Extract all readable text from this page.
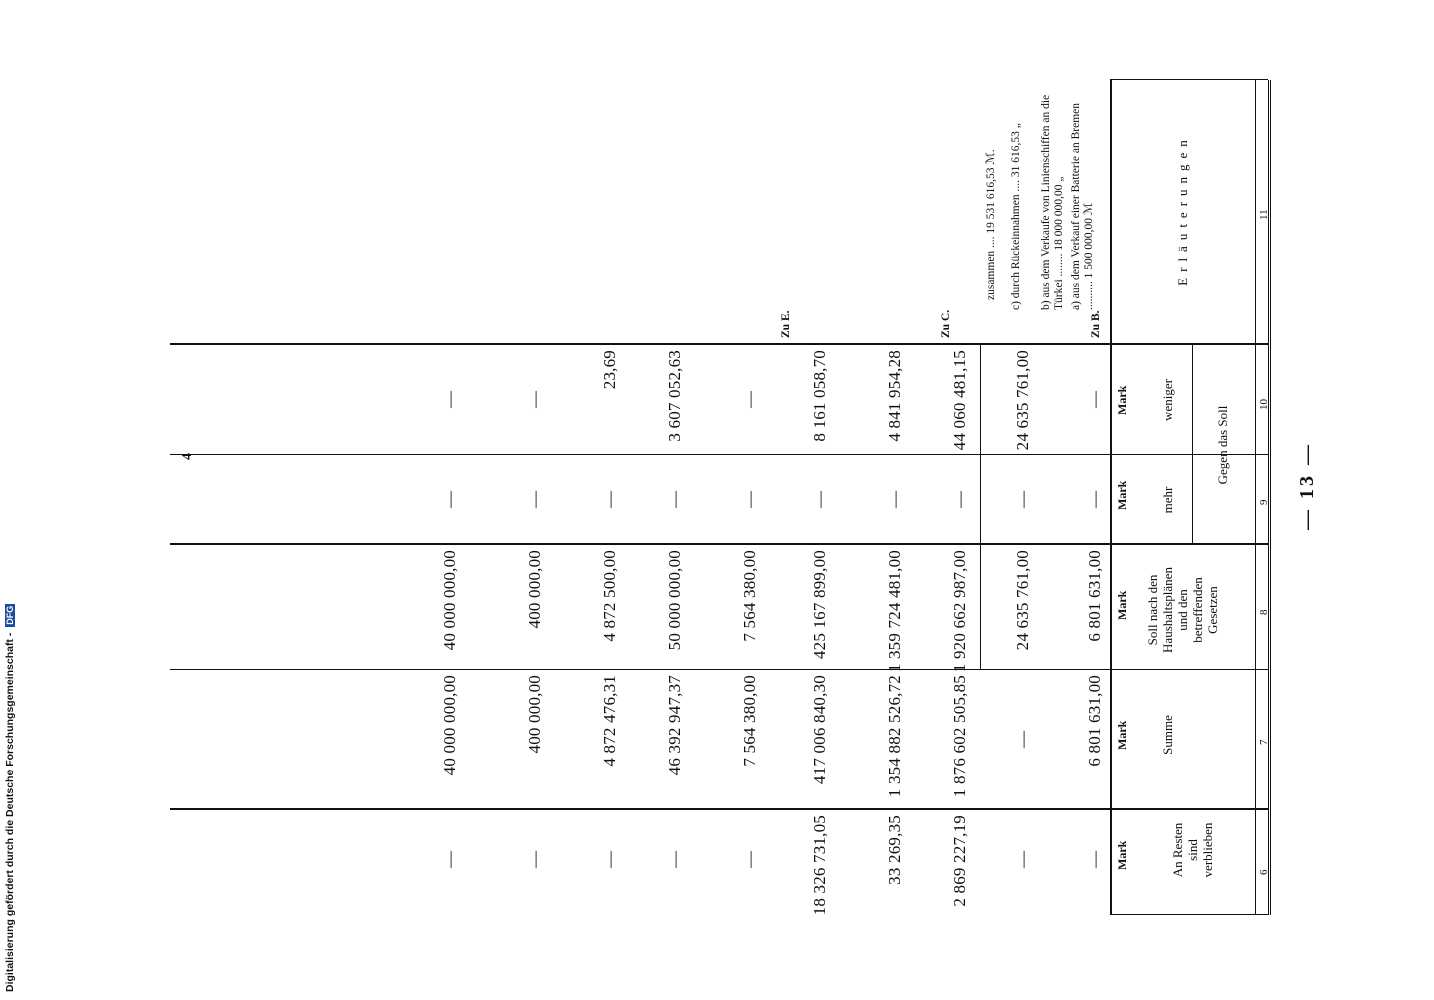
— 13 —
6
7
8
9
10
11
An Resten sind verblieben
Summe
Soll nach den Haushaltsplänen und den betreffenden Gesetzen
Gegen das Soll
mehr
weniger
Erläuterungen
Mark
Mark
Mark
Mark
Mark
—
6 801 631,00
6 801 631,00
—
—
—
—
24 635 761,00
—
24 635 761,00
2 869 227,19
1 876 602 505,85
1 920 662 987,00
—
44 060 481,15
33 269,35
1 354 882 526,72
1 359 724 481,00
—
4 841 954,28
18 326 731,05
417 006 840,30
425 167 899,00
—
8 161 058,70
—
7 564 380,00
7 564 380,00
—
—
—
46 392 947,37
50 000 000,00
—
3 607 052,63
—
4 872 476,31
4 872 500,00
—
23,69
—
400 000,00
400 000,00
—
—
—
40 000 000,00
40 000 000,00
—
—
Zu B.
a) aus dem Verkauf einer Batterie an Bremen .......... 1 500 000,00 ℳ
b) aus dem Verkaufe von Linienschiffen an die Türkei ........ 18 000 000,00 „
c) durch Rückeinnahmen .... 31 616,53 „
zusammen .... 19 531 616,53 ℳ.
Zu C.
Zu E.
4
Digitalisierung gefördert durch die Deutsche Forschungsgemeinschaft - DFG
